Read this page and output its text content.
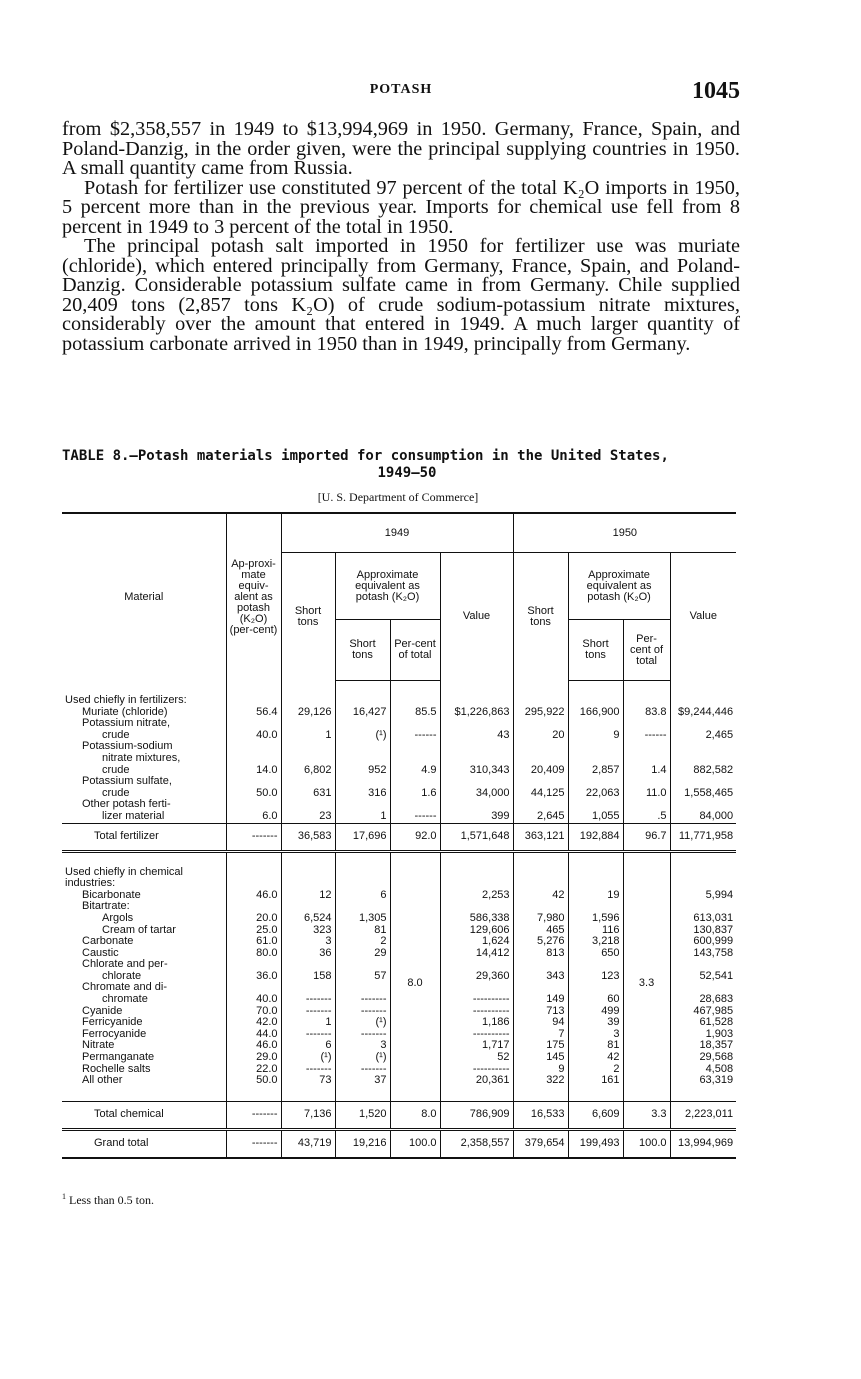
POTASH	1045

from $2,358,557 in 1949 to $13,994,969 in 1950. Germany, France, Spain, and Poland-Danzig, in the order given, were the principal supplying countries in 1950. A small quantity came from Russia.

Potash for fertilizer use constituted 97 percent of the total K₂O imports in 1950, 5 percent more than in the previous year. Imports for chemical use fell from 8 percent in 1949 to 3 percent of the total in 1950.

The principal potash salt imported in 1950 for fertilizer use was muriate (chloride), which entered principally from Germany, France, Spain, and Poland-Danzig. Considerable potassium sulfate came in from Germany. Chile supplied 20,409 tons (2,857 tons K₂O) of crude sodium-potassium nitrate mixtures, considerably over the amount that entered in 1949. A much larger quantity of potassium carbonate arrived in 1950 than in 1949, principally from Germany.

TABLE 8.—Potash materials imported for consumption in the United States,
1949–50
[U. S. Department of Commerce]
Material	Ap-proxi-mate equiv-alent as potash (K₂O) (per-cent)	1949				1950			
		Short tons	Approximate equivalent as potash (K₂O)		Value	Short tons	Approximate equivalent as potash (K₂O)		Value
			Short tons	Per-cent of total			Short tons	Per-cent of total	

Used chiefly in fertilizers:									
Muriate (chloride)	56.4	29,126	16,427	85.5	$1,226,863	295,922	166,900	83.8	$9,244,446
Potassium nitrate,									
crude	40.0	1	(¹)	------	43	20	9	------	2,465
Potassium-sodium									
nitrate mixtures,									
crude	14.0	6,802	952	4.9	310,343	20,409	2,857	1.4	882,582
Potassium sulfate,									
crude	50.0	631	316	1.6	34,000	44,125	22,063	11.0	1,558,465
Other potash ferti-									
lizer material	6.0	23	1	------	399	2,645	1,055	.5	84,000
Total fertilizer	-------	36,583	17,696	92.0	1,571,648	363,121	192,884	96.7	11,771,958

Used chiefly in chemical industries:				8.0				3.3	
Bicarbonate	46.0	12	6		2,253	42	19		5,994
Bitartrate:									
Argols	20.0	6,524	1,305		586,338	7,980	1,596		613,031
Cream of tartar	25.0	323	81		129,606	465	116		130,837
Carbonate	61.0	3	2		1,624	5,276	3,218		600,999
Caustic	80.0	36	29		14,412	813	650		143,758
Chlorate and per-									
chlorate	36.0	158	57		29,360	343	123		52,541
Chromate and di-									
chromate	40.0	-------	-------		----------	149	60		28,683
Cyanide	70.0	-------	-------		----------	713	499		467,985
Ferricyanide	42.0	1	(¹)		1,186	94	39		61,528
Ferrocyanide	44.0	-------	-------		----------	7	3		1,903
Nitrate	46.0	6	3		1,717	175	81		18,357
Permanganate	29.0	(¹)	(¹)		52	145	42		29,568
Rochelle salts	22.0	-------	-------		----------	9	2		4,508
All other	50.0	73	37		20,361	322	161		63,319

Total chemical	-------	7,136	1,520	8.0	786,909	16,533	6,609	3.3	2,223,011
Grand total	-------	43,719	19,216	100.0	2,358,557	379,654	199,493	100.0	13,994,969
$^1$ Less than 0.5 ton.
